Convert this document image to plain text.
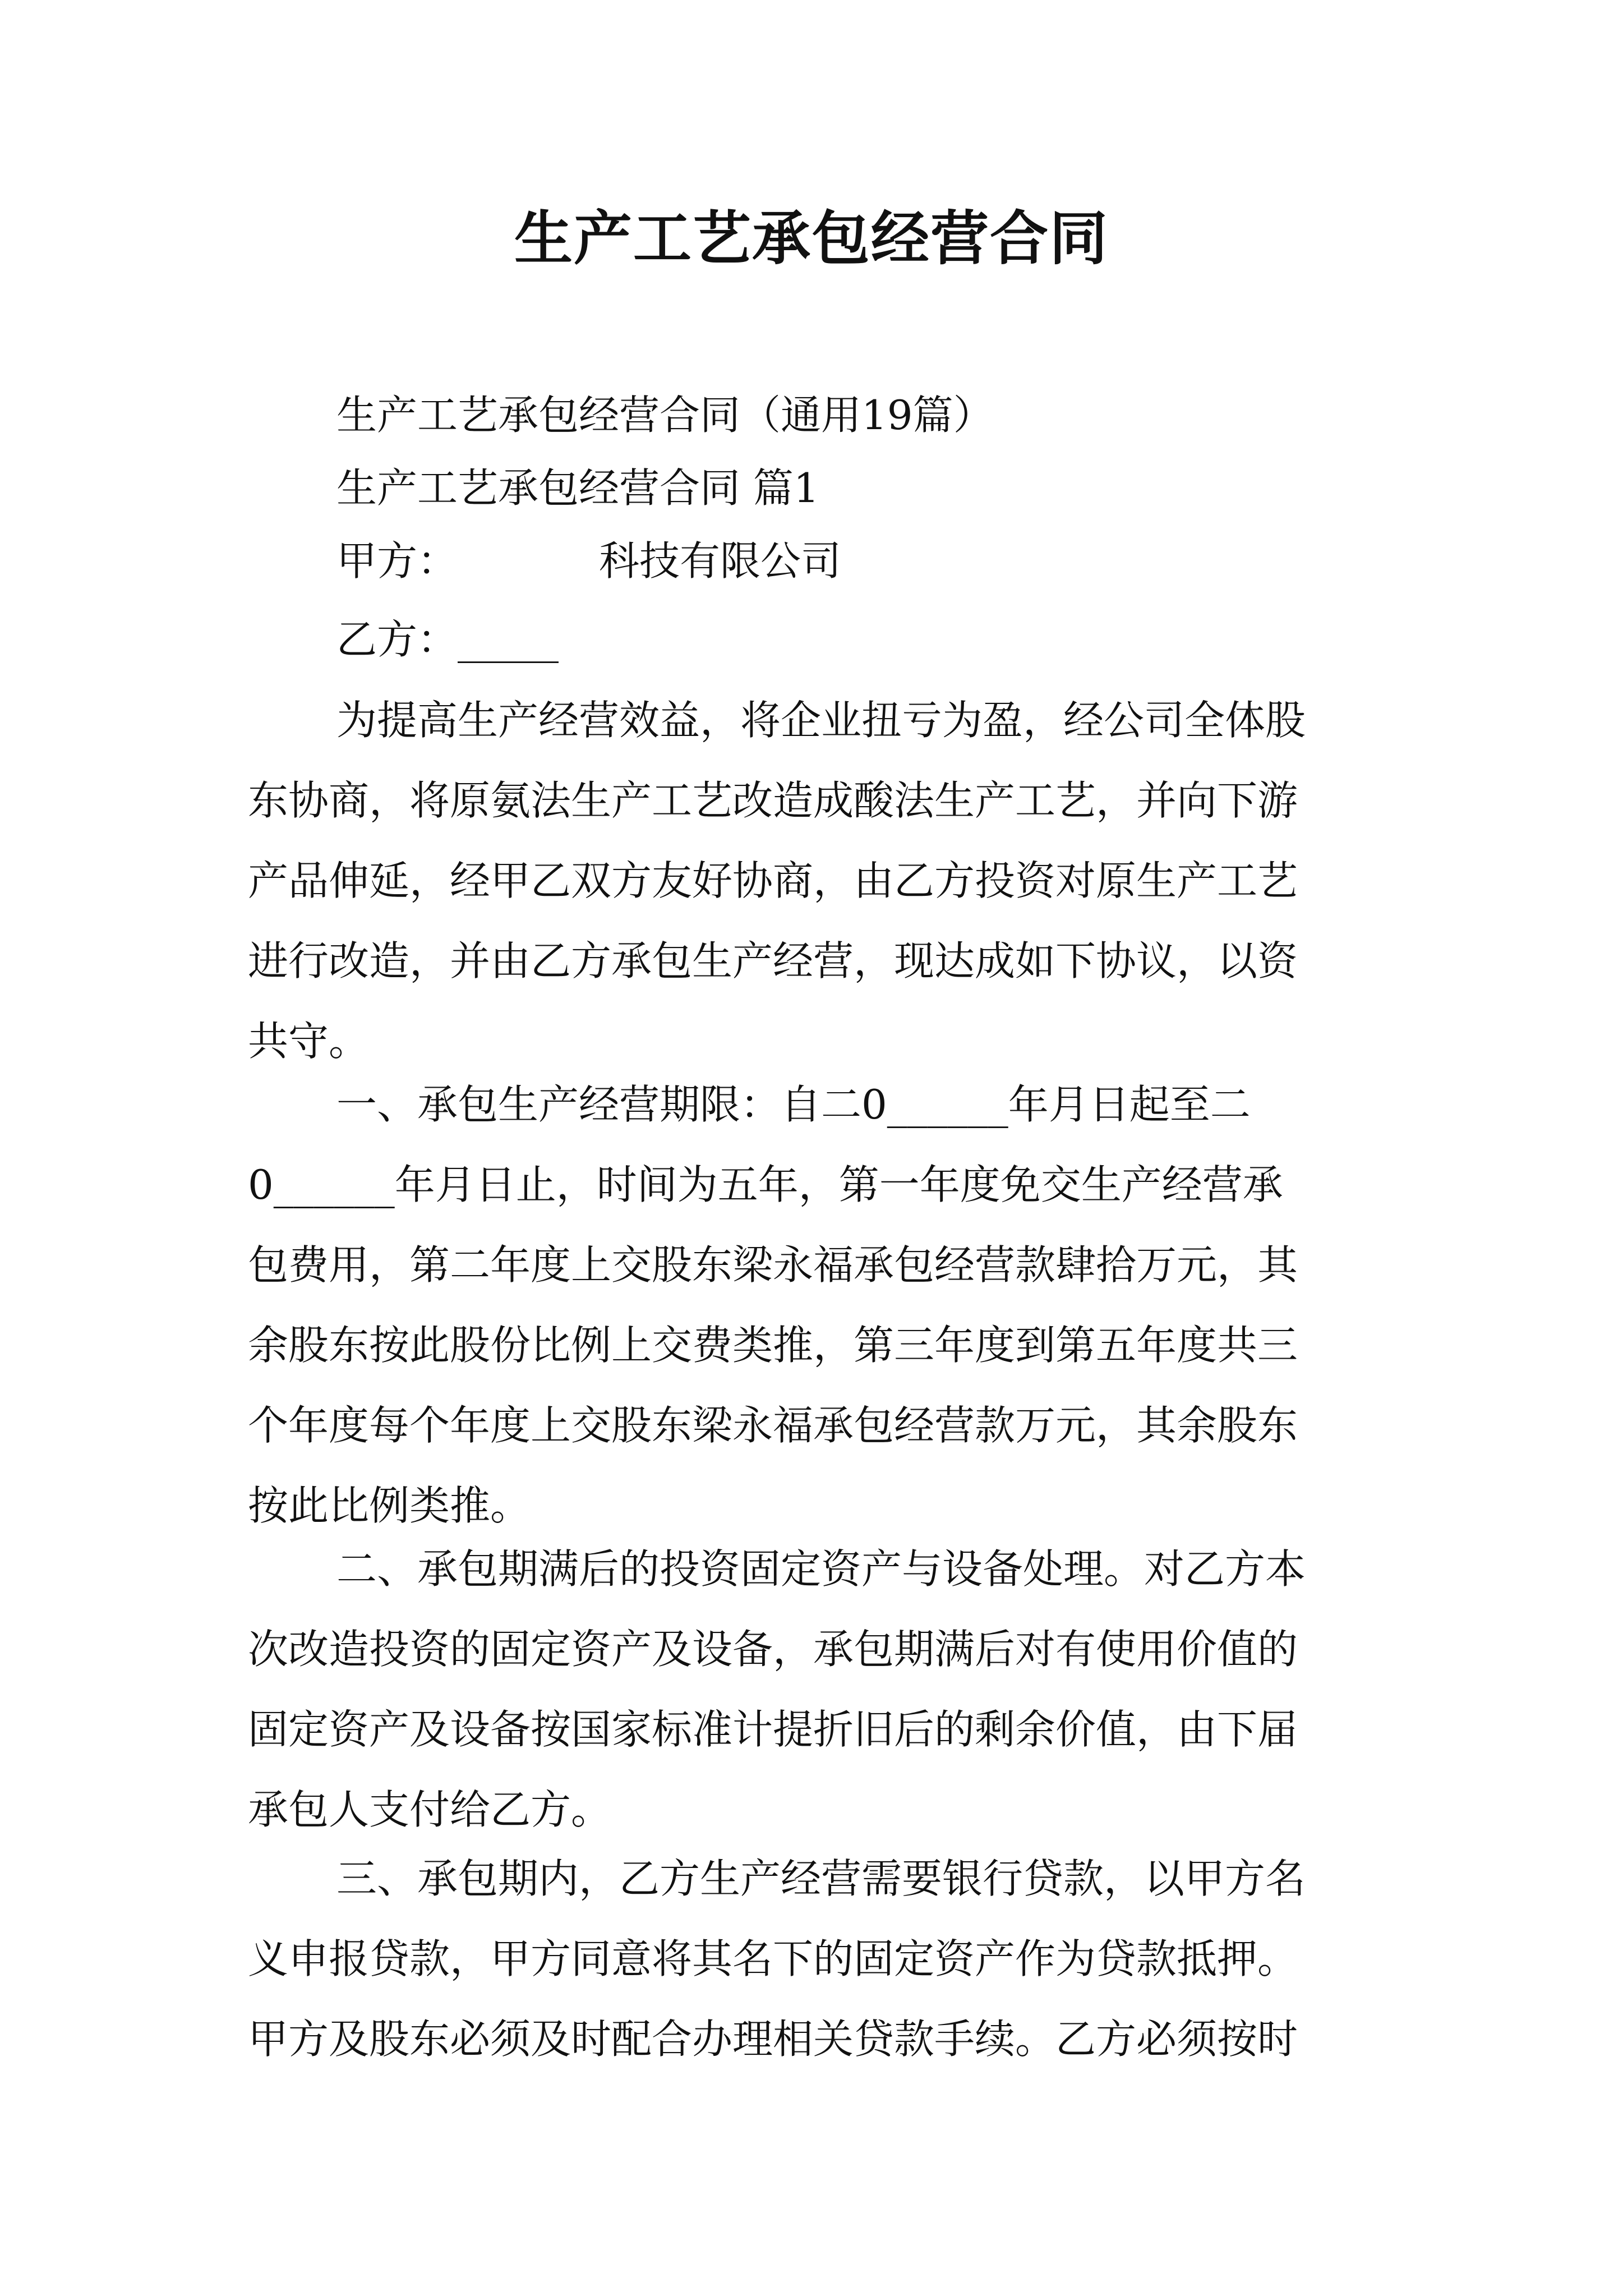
生产工艺承包经营合同
生产工艺承包经营合同（通用19篇）
生产工艺承包经营合同 篇1
甲方：　　　　科技有限公司
乙方：_____
为提高生产经营效益，将企业扭亏为盈，经公司全体股
东协商，将原氨法生产工艺改造成酸法生产工艺，并向下游
产品伸延，经甲乙双方友好协商，由乙方投资对原生产工艺
进行改造，并由乙方承包生产经营，现达成如下协议，以资
共守。
一、承包生产经营期限：自二0______年月日起至二
0______年月日止，时间为五年，第一年度免交生产经营承
包费用，第二年度上交股东梁永福承包经营款肆拾万元，其
余股东按此股份比例上交费类推，第三年度到第五年度共三
个年度每个年度上交股东梁永福承包经营款万元，其余股东
按此比例类推。
二、承包期满后的投资固定资产与设备处理。对乙方本
次改造投资的固定资产及设备，承包期满后对有使用价值的
固定资产及设备按国家标准计提折旧后的剩余价值，由下届
承包人支付给乙方。
三、承包期内，乙方生产经营需要银行贷款，以甲方名
义申报贷款，甲方同意将其名下的固定资产作为贷款抵押。
甲方及股东必须及时配合办理相关贷款手续。乙方必须按时
